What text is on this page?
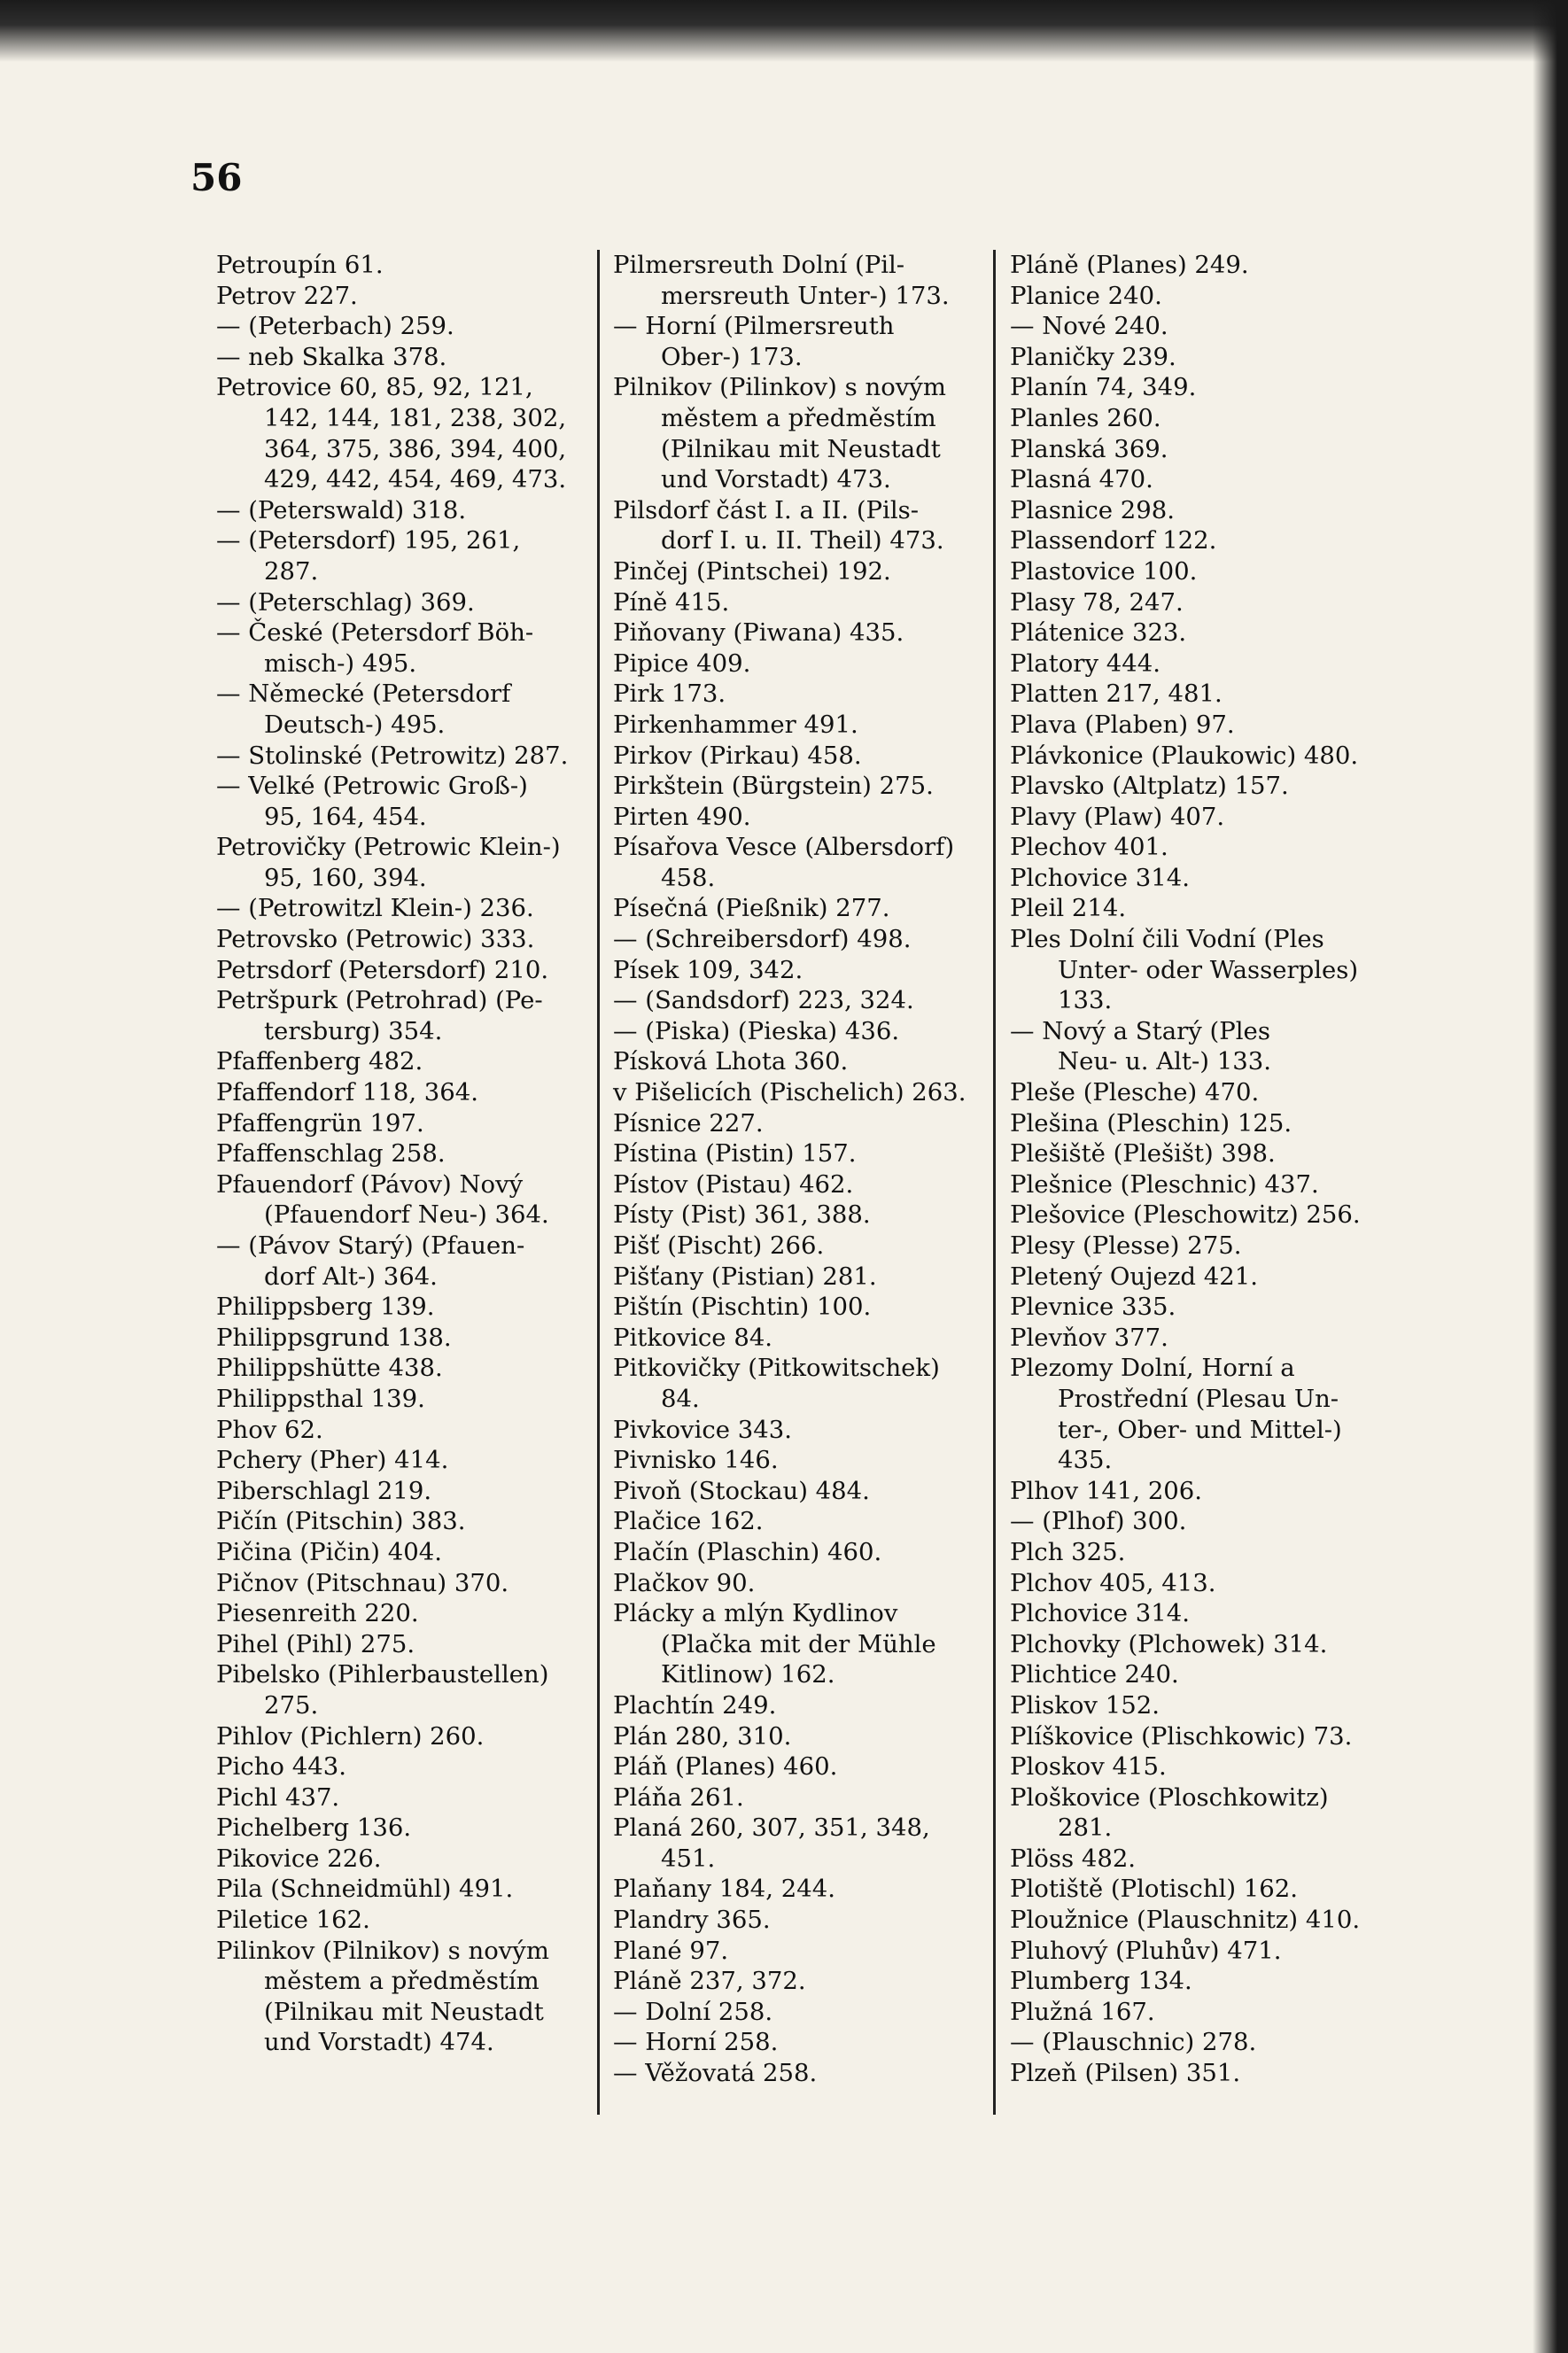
56
Petroupín 61.
Petrov 227.
— (Peterbach) 259.
— neb Skalka 378.
Petrovice 60, 85, 92, 121,
142, 144, 181, 238, 302,
364, 375, 386, 394, 400,
429, 442, 454, 469, 473.
— (Peterswald) 318.
— (Petersdorf) 195, 261,
287.
— (Peterschlag) 369.
— České (Petersdorf Böh-
misch-) 495.
— Německé (Petersdorf
Deutsch-) 495.
— Stolinské (Petrowitz) 287.
— Velké (Petrowic Groß-)
95, 164, 454.
Petrovičky (Petrowic Klein-)
95, 160, 394.
— (Petrowitzl Klein-) 236.
Petrovsko (Petrowic) 333.
Petrsdorf (Petersdorf) 210.
Petršpurk (Petrohrad) (Pe-
tersburg) 354.
Pfaffenberg 482.
Pfaffendorf 118, 364.
Pfaffengrün 197.
Pfaffenschlag 258.
Pfauendorf (Pávov) Nový
(Pfauendorf Neu-) 364.
— (Pávov Starý) (Pfauen-
dorf Alt-) 364.
Philippsberg 139.
Philippsgrund 138.
Philippshütte 438.
Philippsthal 139.
Phov 62.
Pchery (Pher) 414.
Piberschlagl 219.
Pičín (Pitschin) 383.
Pičina (Pičin) 404.
Pičnov (Pitschnau) 370.
Piesenreith 220.
Pihel (Pihl) 275.
Pibelsko (Pihlerbaustellen)
275.
Pihlov (Pichlern) 260.
Picho 443.
Pichl 437.
Pichelberg 136.
Pikovice 226.
Pila (Schneidmühl) 491.
Piletice 162.
Pilinkov (Pilnikov) s novým
městem a předměstím
(Pilnikau mit Neustadt
und Vorstadt) 474.
Pilmersreuth Dolní (Pil-
mersreuth Unter-) 173.
— Horní (Pilmersreuth
Ober-) 173.
Pilnikov (Pilinkov) s novým
městem a předměstím
(Pilnikau mit Neustadt
und Vorstadt) 473.
Pilsdorf část I. a II. (Pils-
dorf I. u. II. Theil) 473.
Pinčej (Pintschei) 192.
Píně 415.
Piňovany (Piwana) 435.
Pipice 409.
Pirk 173.
Pirkenhammer 491.
Pirkov (Pirkau) 458.
Pirkštein (Bürgstein) 275.
Pirten 490.
Písařova Vesce (Albersdorf)
458.
Písečná (Pießnik) 277.
— (Schreibersdorf) 498.
Písek 109, 342.
— (Sandsdorf) 223, 324.
— (Piska) (Pieska) 436.
Písková Lhota 360.
v Pišelicích (Pischelich) 263.
Písnice 227.
Pístina (Pistin) 157.
Pístov (Pistau) 462.
Písty (Pist) 361, 388.
Pišť (Pischt) 266.
Pišťany (Pistian) 281.
Pištín (Pischtin) 100.
Pitkovice 84.
Pitkovičky (Pitkowitschek)
84.
Pivkovice 343.
Pivnisko 146.
Pivoň (Stockau) 484.
Plačice 162.
Plačín (Plaschin) 460.
Plačkov 90.
Plácky a mlýn Kydlinov
(Plačka mit der Mühle
Kitlinow) 162.
Plachtín 249.
Plán 280, 310.
Pláň (Planes) 460.
Pláňa 261.
Planá 260, 307, 351, 348,
451.
Plaňany 184, 244.
Plandry 365.
Plané 97.
Pláně 237, 372.
— Dolní 258.
— Horní 258.
— Věžovatá 258.
Pláně (Planes) 249.
Planice 240.
— Nové 240.
Planičky 239.
Planín 74, 349.
Planles 260.
Planská 369.
Plasná 470.
Plasnice 298.
Plassendorf 122.
Plastovice 100.
Plasy 78, 247.
Plátenice 323.
Platory 444.
Platten 217, 481.
Plava (Plaben) 97.
Plávkonice (Plaukowic) 480.
Plavsko (Altplatz) 157.
Plavy (Plaw) 407.
Plechov 401.
Plchovice 314.
Pleil 214.
Ples Dolní čili Vodní (Ples
Unter- oder Wasserples)
133.
— Nový a Starý (Ples
Neu- u. Alt-) 133.
Pleše (Plesche) 470.
Plešina (Pleschin) 125.
Plešiště (Plešišt) 398.
Plešnice (Pleschnic) 437.
Plešovice (Pleschowitz) 256.
Plesy (Plesse) 275.
Pletený Oujezd 421.
Plevnice 335.
Plevňov 377.
Plezomy Dolní, Horní a
Prostřední (Plesau Un-
ter-, Ober- und Mittel-)
435.
Plhov 141, 206.
— (Plhof) 300.
Plch 325.
Plchov 405, 413.
Plchovice 314.
Plchovky (Plchowek) 314.
Plichtice 240.
Pliskov 152.
Plíškovice (Plischkowic) 73.
Ploskov 415.
Ploškovice (Ploschkowitz)
281.
Plöss 482.
Plotiště (Plotischl) 162.
Ploužnice (Plauschnitz) 410.
Pluhový (Pluhův) 471.
Plumberg 134.
Plužná 167.
— (Plauschnic) 278.
Plzeň (Pilsen) 351.
